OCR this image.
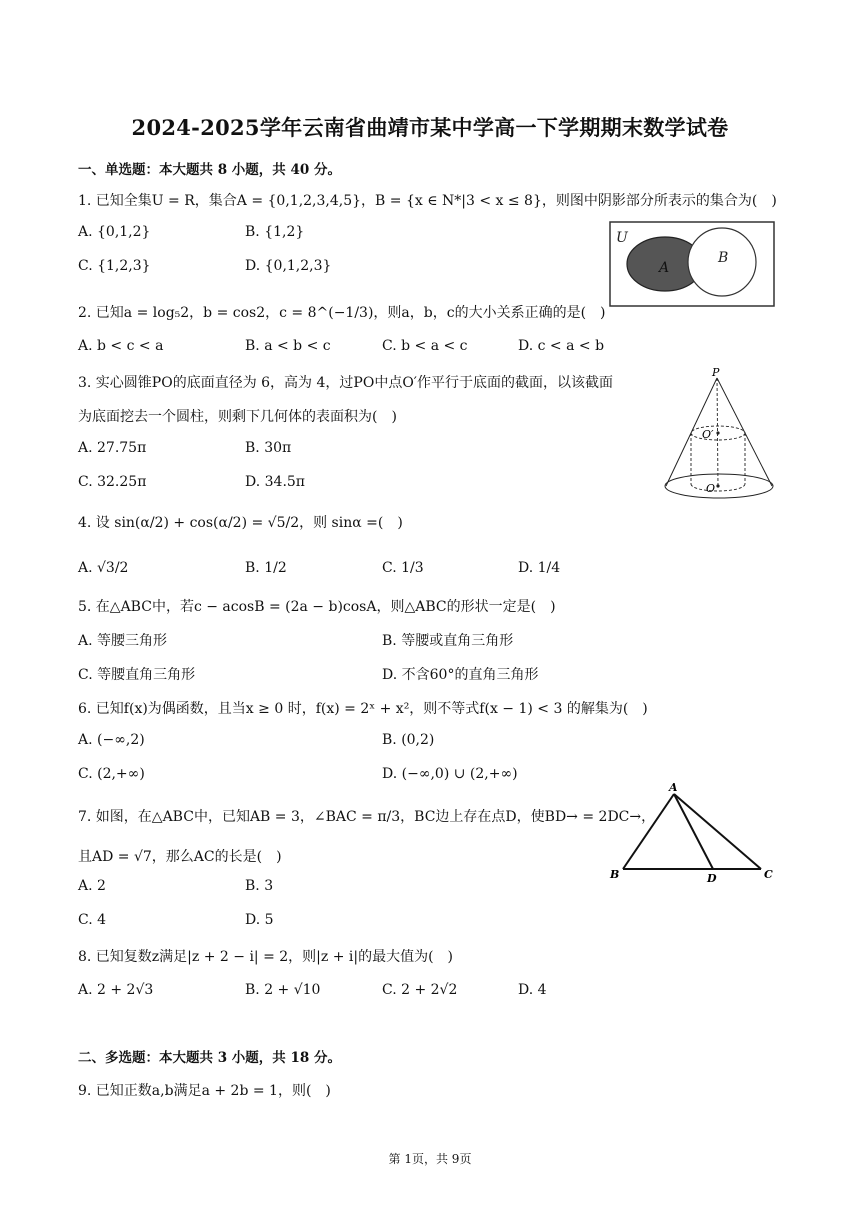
2024-2025学年云南省曲靖市某中学高一下学期期末数学试卷
一、单选题：本大题共 8 小题，共 40 分。
1. 已知全集U = R，集合A = {0,1,2,3,4,5}，B = {x ∈ N*|3 < x ≤ 8}，则图中阴影部分所表示的集合为(　)
A. {0,1,2}	B. {1,2}
C. {1,2,3}	D. {0,1,2,3}
U
A
B
2. 已知a = log₅2，b = cos2，c = 8^(−1/3)，则a，b，c的大小关系正确的是(　)
A. b < c < a	B. a < b < c	C. b < a < c	D. c < a < b
3. 实心圆锥PO的底面直径为 6，高为 4，过PO中点O′作平行于底面的截面，以该截面
为底面挖去一个圆柱，则剩下几何体的表面积为(　)
A. 27.75π	B. 30π
C. 32.25π	D. 34.5π
P
O′
O
4. 设 sin(α/2) + cos(α/2) = √5/2，则 sinα =(　)
A. √3/2	B. 1/2	C. 1/3	D. 1/4
5. 在△ABC中，若c − acosB = (2a − b)cosA，则△ABC的形状一定是(　)
A. 等腰三角形	B. 等腰或直角三角形
C. 等腰直角三角形	D. 不含60°的直角三角形
6. 已知f(x)为偶函数，且当x ≥ 0 时，f(x) = 2ˣ + x²，则不等式f(x − 1) < 3 的解集为(　)
A. (−∞,2)	B. (0,2)
C. (2,+∞)	D. (−∞,0) ∪ (2,+∞)
7. 如图，在△ABC中，已知AB = 3，∠BAC = π/3，BC边上存在点D，使BD→ = 2DC→，
且AD = √7，那么AC的长是(　)
A. 2	B. 3
C. 4	D. 5
A
B	D	C
8. 已知复数z满足|z + 2 − i| = 2，则|z + i|的最大值为(　)
A. 2 + 2√3	B. 2 + √10	C. 2 + 2√2	D. 4
二、多选题：本大题共 3 小题，共 18 分。
9. 已知正数a,b满足a + 2b = 1，则(　)
第 1页，共 9页
